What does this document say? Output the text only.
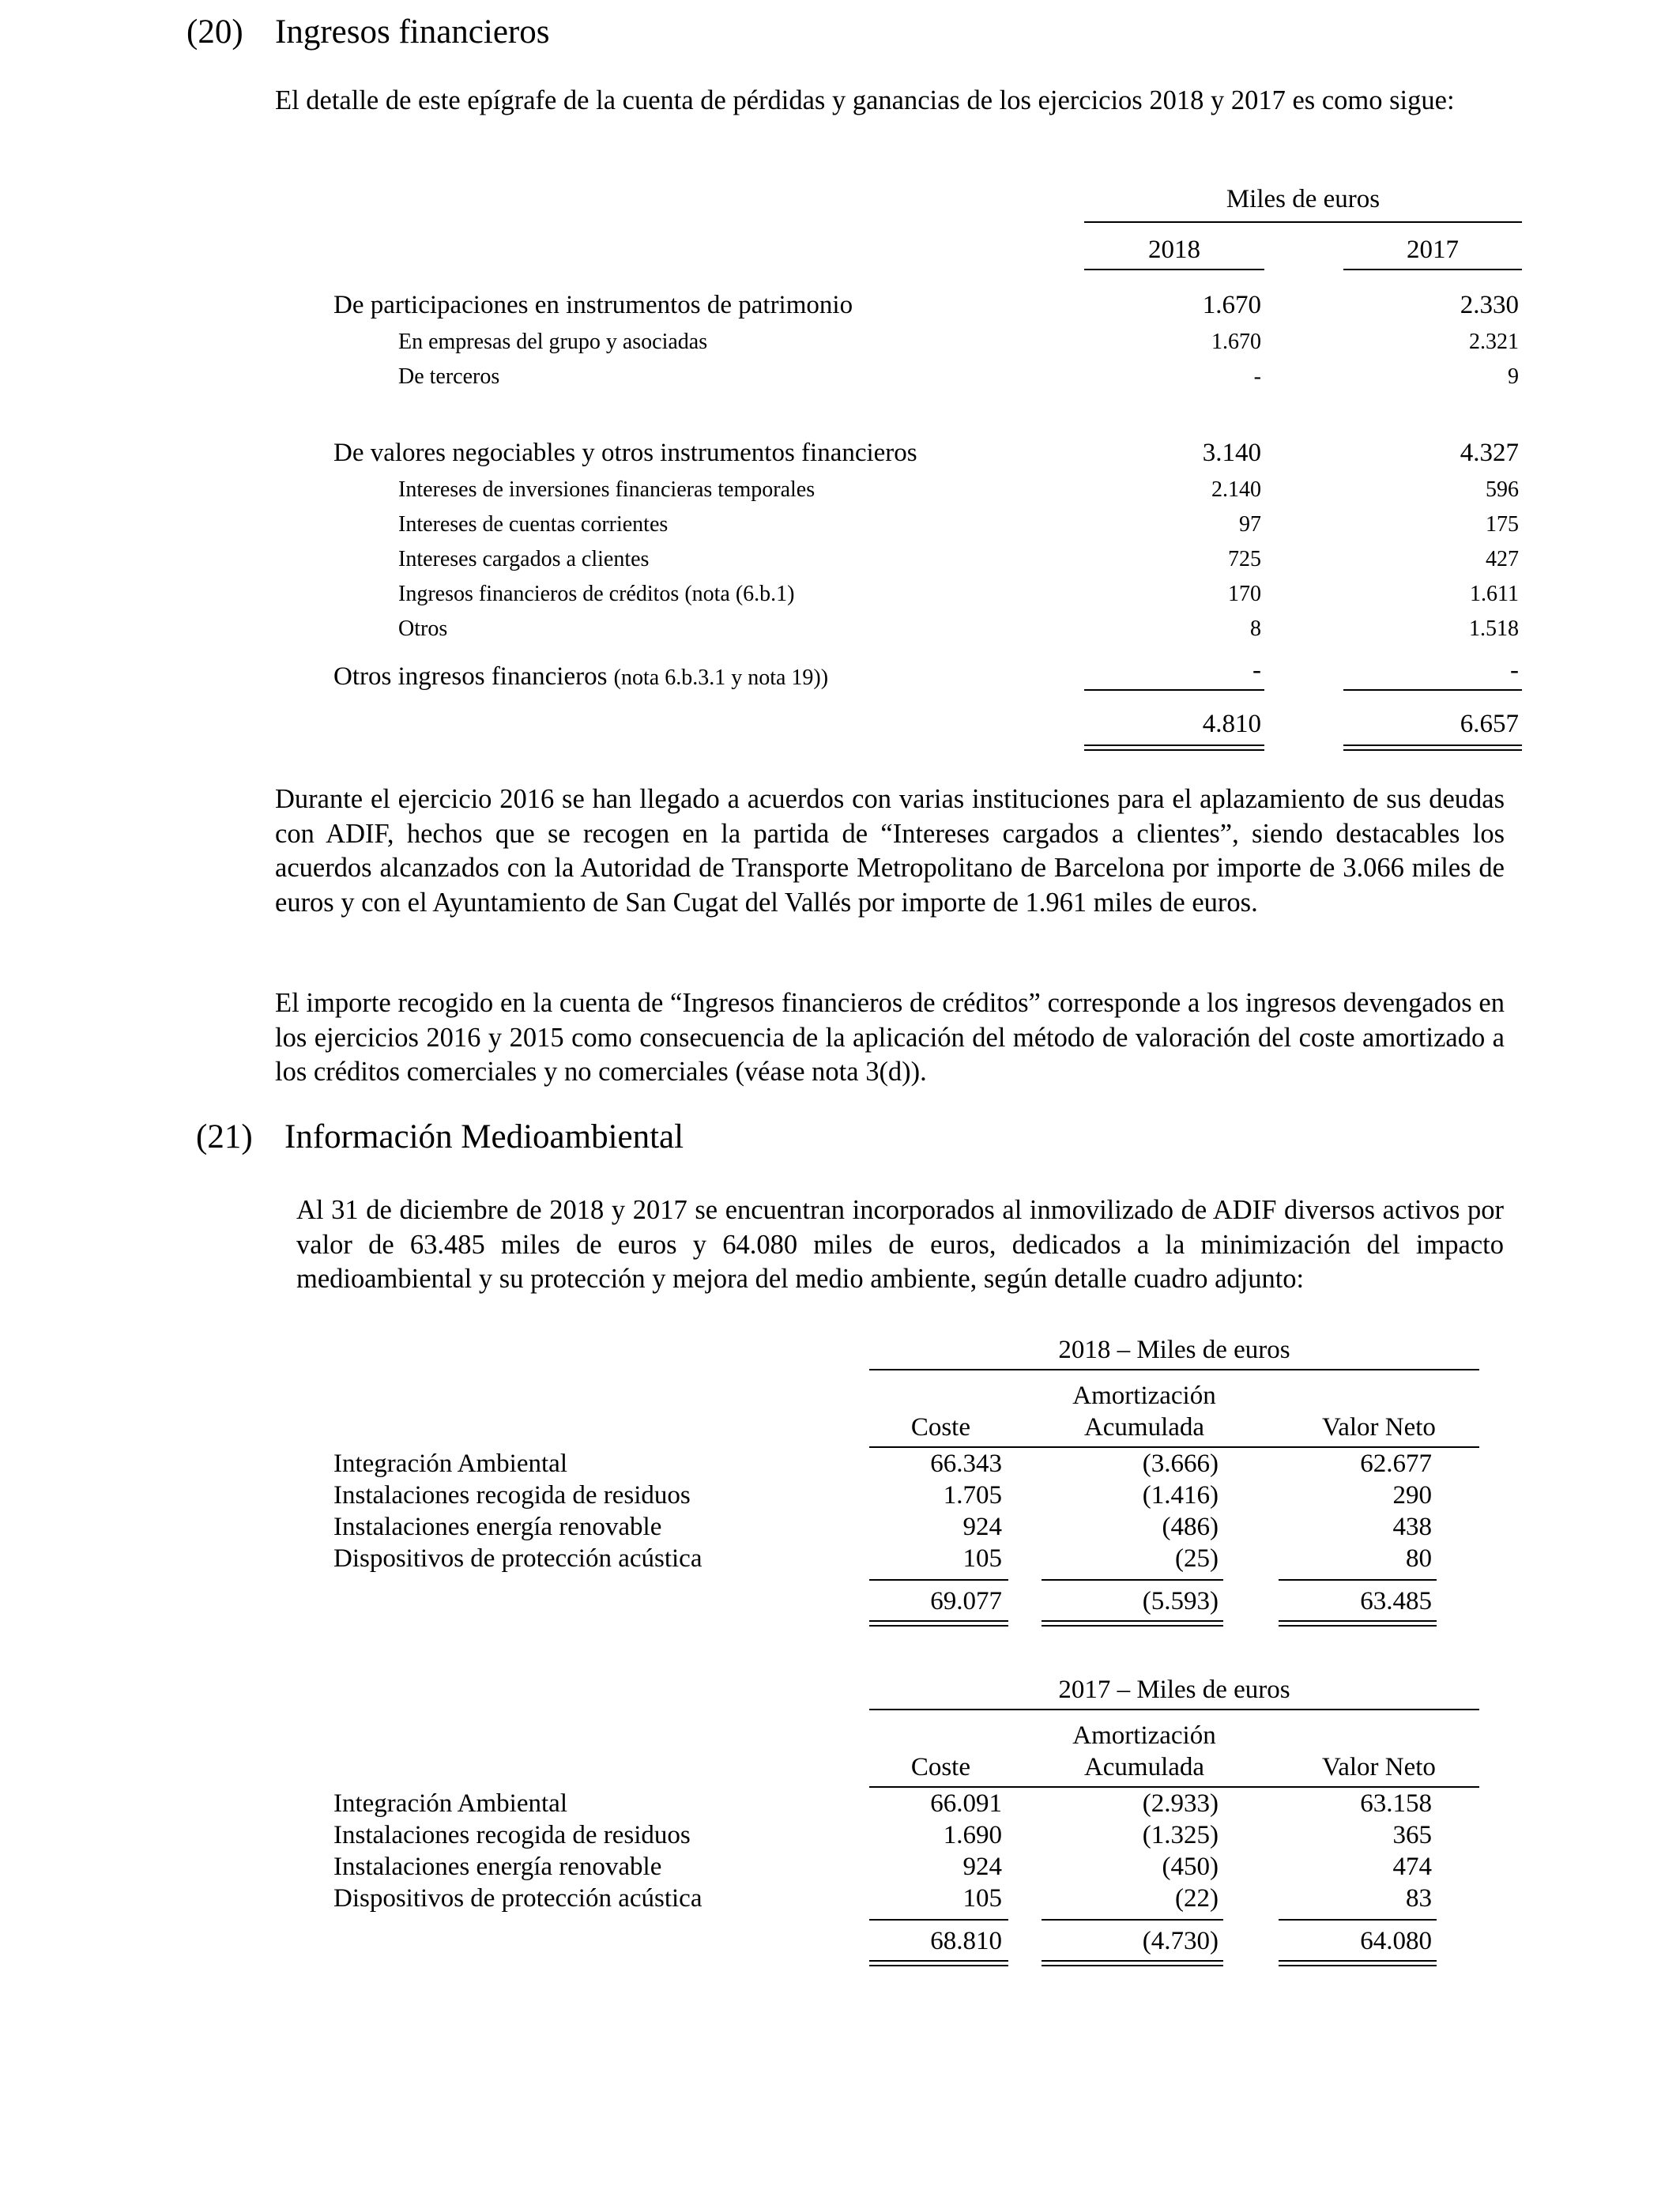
(20) Ingresos financieros
El detalle de este epígrafe de la cuenta de pérdidas y ganancias de los ejercicios 2018 y 2017 es como sigue:
Miles de euros
2018	2017
De participaciones en instrumentos de patrimonio	1.670	2.330
En empresas del grupo y asociadas	1.670	2.321
De terceros	-	9
De valores negociables y otros instrumentos financieros	3.140	4.327
Intereses de inversiones financieras temporales	2.140	596
Intereses de cuentas corrientes	97	175
Intereses cargados a clientes	725	427
Ingresos financieros de créditos (nota (6.b.1)	170	1.611
Otros	8	1.518
Otros ingresos financieros (nota 6.b.3.1 y nota 19))	-	-
4.810	6.657
Durante el ejercicio 2016 se han llegado a acuerdos con varias instituciones para el aplazamiento de sus deudas con ADIF, hechos que se recogen en la partida de “Intereses cargados a clientes”, siendo destacables los acuerdos alcanzados con la Autoridad de Transporte Metropolitano de Barcelona por importe de 3.066 miles de euros y con el Ayuntamiento de San Cugat del Vallés por importe de 1.961 miles de euros.
El importe recogido en la cuenta de “Ingresos financieros de créditos” corresponde a los ingresos devengados en los ejercicios 2016 y 2015 como consecuencia de la aplicación del método de valoración del coste amortizado a los créditos comerciales y no comerciales (véase nota 3(d)).
(21) Información Medioambiental
Al 31 de diciembre de 2018 y 2017 se encuentran incorporados al inmovilizado de ADIF diversos activos por valor de 63.485 miles de euros y 64.080 miles de euros, dedicados a la minimización del impacto medioambiental y su protección y mejora del medio ambiente, según detalle cuadro adjunto:
2018 – Miles de euros
Amortización
Coste	Acumulada	Valor Neto
Integración Ambiental	66.343	(3.666)	62.677
Instalaciones recogida de residuos	1.705	(1.416)	290
Instalaciones energía renovable	924	(486)	438
Dispositivos de protección acústica	105	(25)	80
69.077	(5.593)	63.485
2017 – Miles de euros
Amortización
Coste	Acumulada	Valor Neto
Integración Ambiental	66.091	(2.933)	63.158
Instalaciones recogida de residuos	1.690	(1.325)	365
Instalaciones energía renovable	924	(450)	474
Dispositivos de protección acústica	105	(22)	83
68.810	(4.730)	64.080
